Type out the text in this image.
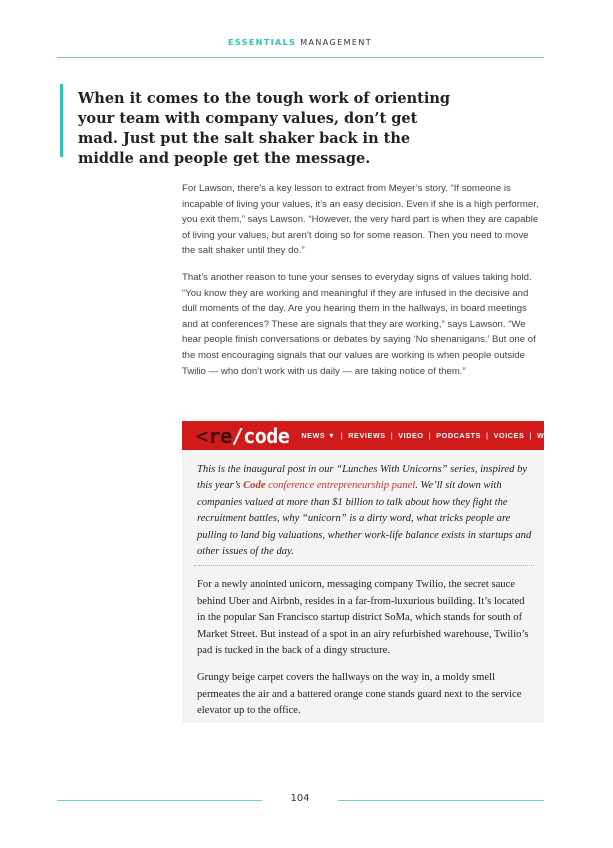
ESSENTIALS MANAGEMENT

When it comes to the tough work of orienting your team with company values, don’t get mad. Just put the salt shaker back in the middle and people get the message.

For Lawson, there’s a key lesson to extract from Meyer’s story. “If someone is incapable of living your values, it’s an easy decision. Even if she is a high performer, you exit them,” says Lawson. “However, the very hard part is when they are capable of living your values, but aren’t doing so for some reason. Then you need to move the salt shaker until they do.”

That’s another reason to tune your senses to everyday signs of values taking hold. “You know they are working and meaningful if they are infused in the decisive and dull moments of the day. Are you hearing them in the hallways, in board meetings and at conferences? These are signals that they are working,” says Lawson. “We hear people finish conversations or debates by saying ‘No shenanigans.’ But one of the most encouraging signals that our values are working is when people outside Twilio — who don’t work with us daily — are taking notice of them.”

<re/code NEWS ▼ | REVIEWS | VIDEO | PODCASTS | VOICES | WRITERS ▼ | EVE
This is the inaugural post in our “Lunches With Unicorns” series, inspired by this year’s Code conference entrepreneurship panel. We’ll sit down with companies valued at more than $1 billion to talk about how they fight the recruitment battles, why “unicorn” is a dirty word, what tricks people are pulling to land big valuations, whether work-life balance exists in startups and other issues of the day.

For a newly anointed unicorn, messaging company Twilio, the secret sauce behind Uber and Airbnb, resides in a far-from-luxurious building. It’s located in the popular San Francisco startup district SoMa, which stands for south of Market Street. But instead of a spot in an airy refurbished warehouse, Twilio’s pad is tucked in the back of a dingy structure.

Grungy beige carpet covers the hallways on the way in, a moldy smell permeates the air and a battered orange cone stands guard next to the service elevator up to the office.

104
